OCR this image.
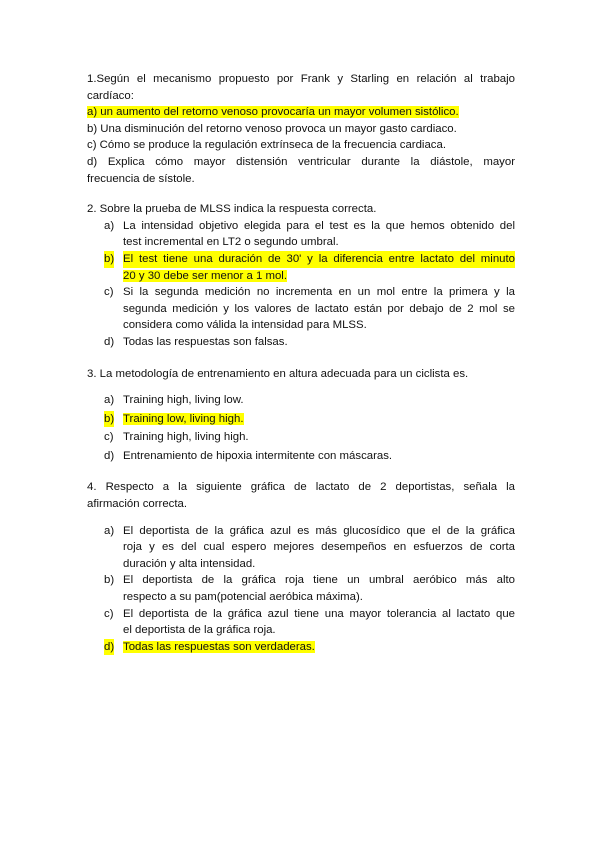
1.Según el mecanismo propuesto por Frank y Starling en relación al trabajo
cardíaco:
a) un aumento del retorno venoso provocaría un mayor volumen sistólico.
b) Una disminución del retorno venoso provoca un mayor gasto cardiaco.
c) Cómo se produce la regulación extrínseca de la frecuencia cardiaca.
d) Explica cómo mayor distensión ventricular durante la diástole, mayor
frecuencia de sístole.
2. Sobre la prueba de MLSS indica la respuesta correcta.
a) La intensidad objetivo elegida para el test es la que hemos obtenido del
test incremental en LT2 o segundo umbral.
b) El test tiene una duración de 30' y la diferencia entre lactato del minuto
20 y 30 debe ser menor a 1 mol.
c) Si la segunda medición no incrementa en un mol entre la primera y la
segunda medición y los valores de lactato están por debajo de 2 mol se
considera como válida la intensidad para MLSS.
d) Todas las respuestas son falsas.
3. La metodología de entrenamiento en altura adecuada para un ciclista es.
a) Training high, living low.
b) Training low, living high.
c) Training high, living high.
d) Entrenamiento de hipoxia intermitente con máscaras.
4. Respecto a la siguiente gráfica de lactato de 2 deportistas, señala la
afirmación correcta.
a) El deportista de la gráfica azul es más glucosídico que el de la gráfica
roja y es del cual espero mejores desempeños en esfuerzos de corta
duración y alta intensidad.
b) El deportista de la gráfica roja tiene un umbral aeróbico más alto
respecto a su pam(potencial aeróbica máxima).
c) El deportista de la gráfica azul tiene una mayor tolerancia al lactato que
el deportista de la gráfica roja.
d) Todas las respuestas son verdaderas.
